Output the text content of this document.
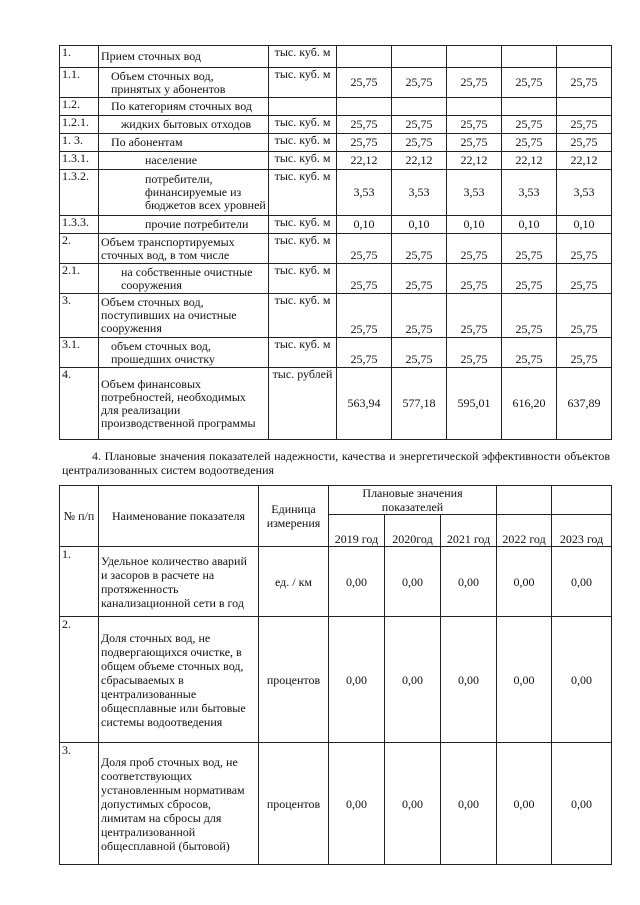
1.	Прием сточных вод	тыс. куб. м					
1.1.	Объем сточных вод, принятых у абонентов	тыс. куб. м	25,75	25,75	25,75	25,75	25,75
1.2.	По категориям сточных вод						
1.2.1.	жидких бытовых отходов	тыс. куб. м	25,75	25,75	25,75	25,75	25,75
1. 3.	По абонентам	тыс. куб. м	25,75	25,75	25,75	25,75	25,75
1.3.1.	население	тыс. куб. м	22,12	22,12	22,12	22,12	22,12
1.3.2.	потребители, финансируемые из бюджетов всех уровней	тыс. куб. м	3,53	3,53	3,53	3,53	3,53
1.3.3.	прочие потребители	тыс. куб. м	0,10	0,10	0,10	0,10	0,10
2.	Объем транспортируемых сточных вод, в том числе	тыс. куб. м	25,75	25,75	25,75	25,75	25,75
2.1.	на собственные очистные сооружения	тыс. куб. м	25,75	25,75	25,75	25,75	25,75
3.	Объем сточных вод, поступивших на очистные сооружения	тыс. куб. м	25,75	25,75	25,75	25,75	25,75
3.1.	объем сточных вод, прошедших очистку	тыс. куб. м	25,75	25,75	25,75	25,75	25,75
4.	Объем финансовых потребностей, необходимых для реализации производственной программы	тыс. рублей	563,94	577,18	595,01	616,20	637,89
4. Плановые значения показателей надежности, качества и энергетической эффективности объектов централизованных систем водоотведения
№ п/п	Наименование показателя	Единица измерения	Плановые значения показателей				
			2019 год	2020год	2021 год	2022 год	2023 год
1.	Удельное количество аварий и засоров в расчете на протяженность канализационной сети в год	ед. / км	0,00	0,00	0,00	0,00	0,00
2.	Доля сточных вод, не подвергающихся очистке, в общем объеме сточных вод, сбрасываемых в централизованные общесплавные или бытовые системы водоотведения	процентов	0,00	0,00	0,00	0,00	0,00
3.	Доля проб сточных вод, не соответствующих установленным нормативам допустимых сбросов, лимитам на сбросы для централизованной общесплавной (бытовой)	процентов	0,00	0,00	0,00	0,00	0,00
